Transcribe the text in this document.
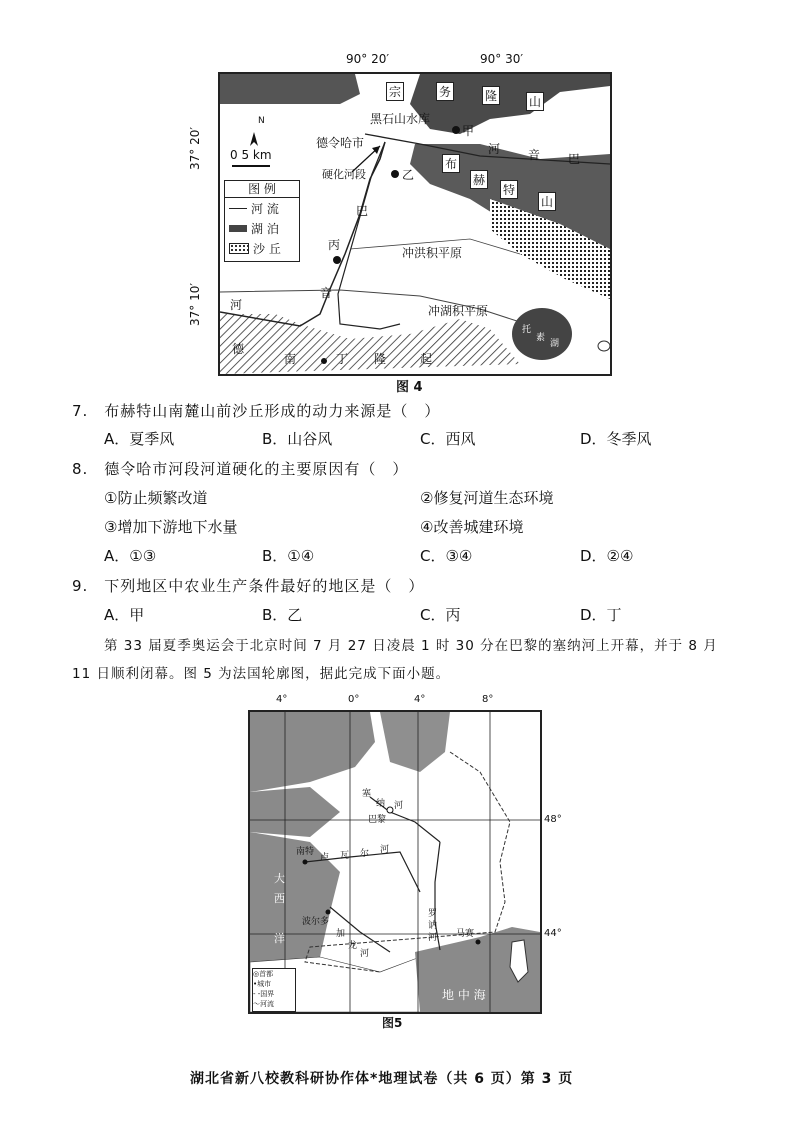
90° 20′	90° 30′
37° 20′
37° 10′
宗	务	隆	山
布
赫
特
山
黑石山水库
德令哈市
硬化河段
甲
乙
丙
河 音 巴
巴
音
河
冲洪积平原
冲湖积平原
托
素
湖
德
南	丁 隆	起
N
0 5 km
图 例
河 流
湖 泊
沙 丘
图 4
7.　布赫特山南麓山前沙丘形成的动力来源是（　）
A．夏季风	B．山谷风	C．西风	D．冬季风
8.　德令哈市河段河道硬化的主要原因有（　）
①防止频繁改道	②修复河道生态环境
③增加下游地下水量	④改善城建环境
A．①③	B．①④	C．③④	D．②④
9.　下列地区中农业生产条件最好的地区是（　）
A．甲	B．乙	C．丙	D．丁
第 33 届夏季奥运会于北京时间 7 月 27 日凌晨 1 时 30 分在巴黎的塞纳河上开幕，并于 8 月
11 日顺利闭幕。图 5 为法国轮廓图，据此完成下面小题。
4°	0°	4°	8°
48°
44°
巴黎
塞
纳 河
南特
卢 瓦 尔 河
波尔多
加
龙
河
罗
讷
河 马赛
大
西
洋
地 中 海
◎首都
•城市
- -国界
～河流
图5
湖北省新八校教科研协作体*地理试卷（共 6 页）第 3 页
